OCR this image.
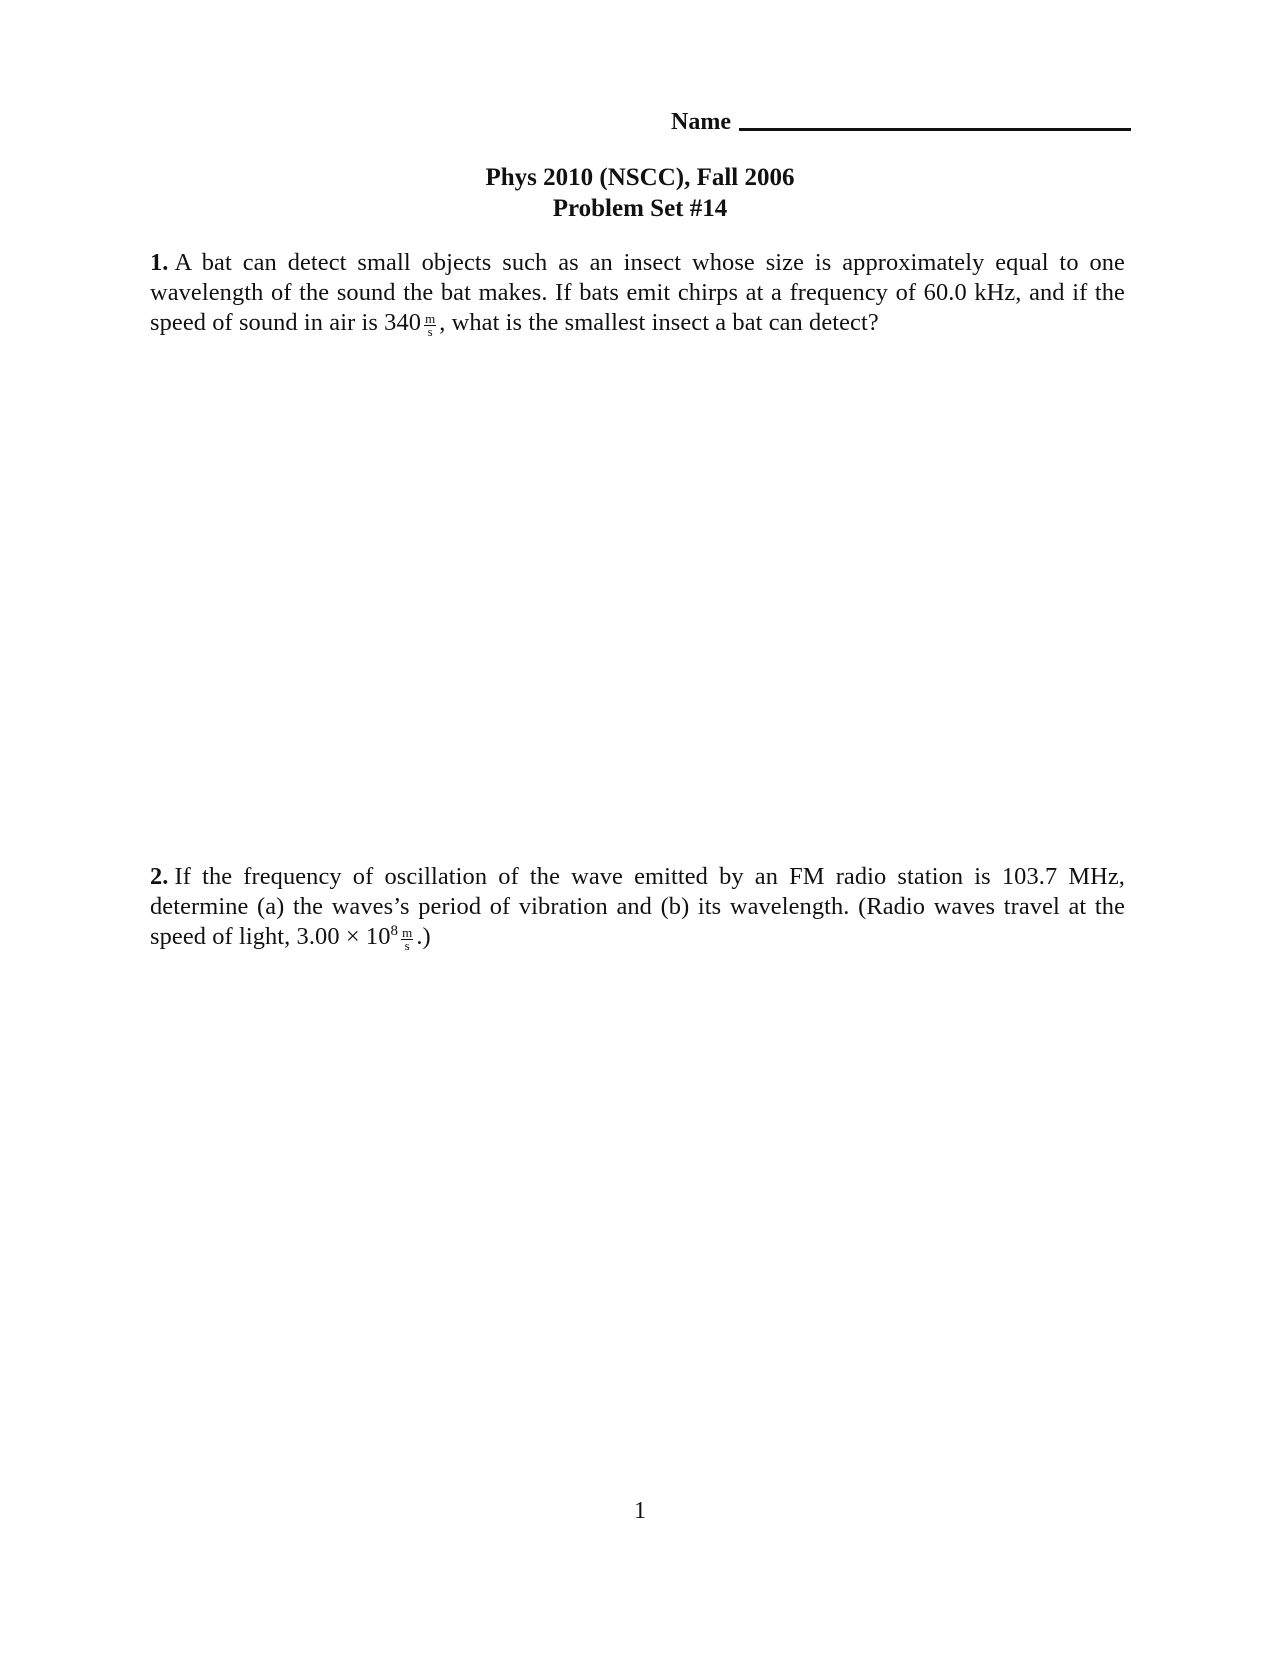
Name
Phys 2010 (NSCC), Fall 2006
Problem Set #14
1. A bat can detect small objects such as an insect whose size is approximately equal to one wavelength of the sound the bat makes. If bats emit chirps at a frequency of 60.0 kHz, and if the speed of sound in air is $340 \frac{m}{s}$ , what is the smallest insect a bat can detect?
2. If the frequency of oscillation of the wave emitted by an FM radio station is 103.7 MHz, determine (a) the waves’s period of vibration and (b) its wavelength. (Radio waves travel at the speed of light, $3.00 \times 10^8 \frac{m}{s}$ .)
1
